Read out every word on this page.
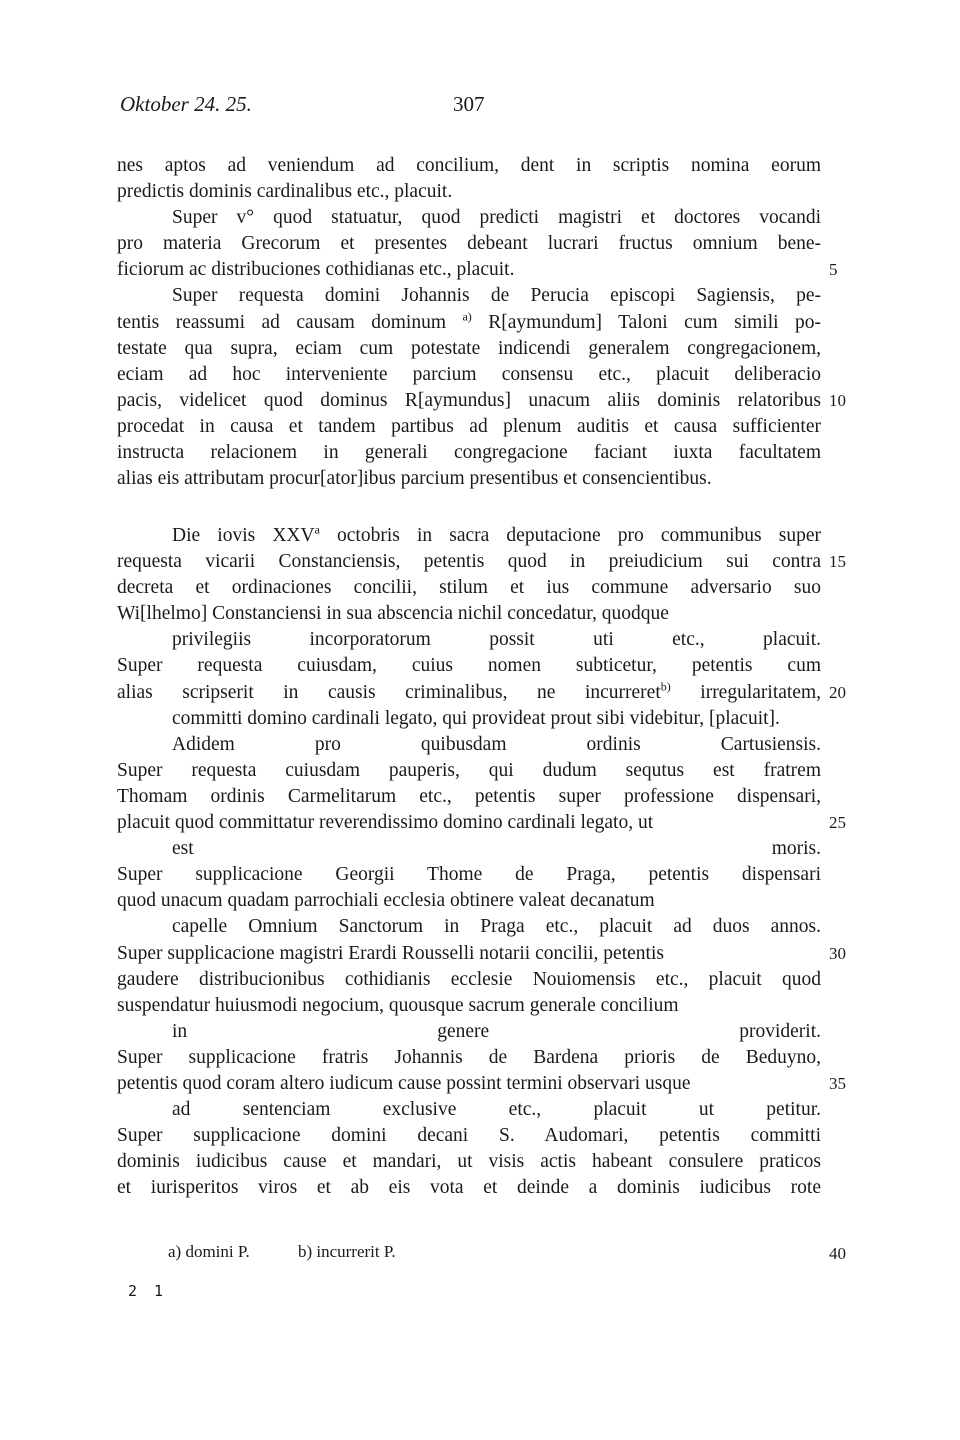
Oktober 24. 25.	307
nes aptos ad veniendum ad concilium, dent in scriptis nomina eorum
predictis dominis cardinalibus etc., placuit.
Super v° quod statuatur, quod predicti magistri et doctores vocandi
pro materia Grecorum et presentes debeant lucrari fructus omnium bene-
ficiorum ac distribuciones cothidianas etc., placuit.	5
Super requesta domini Johannis de Perucia episcopi Sagiensis, pe-
tentis reassumi ad causam dominum $^{a)}$ R[aymundum] Taloni cum simili po-
testate qua supra, eciam cum potestate indicendi generalem congregacionem,
eciam ad hoc interveniente parcium consensu etc., placuit deliberacio
pacis, videlicet quod dominus R[aymundus] unacum aliis dominis relatoribus 10
procedat in causa et tandem partibus ad plenum auditis et causa sufficienter
instructa relacionem in generali congregacione faciant iuxta facultatem
alias eis attributam procur[ator]ibus parcium presentibus et consencientibus.
Die iovis XXV$^a$ octobris in sacra deputacione pro communibus super
requesta vicarii Constanciensis, petentis quod in preiudicium sui contra 15
decreta et ordinaciones concilii, stilum et ius commune adversario suo
Wi[lhelmo] Constanciensi in sua abscencia nichil concedatur, quodque
privilegiis incorporatorum possit uti etc., placuit.
Super requesta cuiusdam, cuius nomen subticetur, petentis cum
alias scripserit in causis criminalibus, ne incurreret$^{b)}$ irregularitatem, 20
committi domino cardinali legato, qui provideat prout sibi videbitur, [placuit].
Adidem pro quibusdam ordinis Cartusiensis.
Super requesta cuiusdam pauperis, qui dudum sequtus est fratrem
Thomam ordinis Carmelitarum etc., petentis super professione dispensari,
placuit quod committatur reverendissimo domino cardinali legato, ut	25
est moris.
Super supplicacione Georgii Thome de Praga, petentis dispensari
quod unacum quadam parrochiali ecclesia obtinere valeat decanatum
capelle Omnium Sanctorum in Praga etc., placuit ad duos annos.
Super supplicacione magistri Erardi Rousselli notarii concilii, petentis	30
gaudere distribucionibus cothidianis ecclesie Nouiomensis etc., placuit quod
suspendatur huiusmodi negocium, quousque sacrum generale concilium
in genere providerit.
Super supplicacione fratris Johannis de Bardena prioris de Beduyno,
petentis quod coram altero iudicum cause possint termini observari usque	35
ad sentenciam exclusive etc., placuit ut petitur.
Super supplicacione domini decani S. Audomari, petentis committi
dominis iudicibus cause et mandari, ut visis actis habeant consulere praticos
et iurisperitos viros et ab eis vota et deinde a dominis iudicibus rote
a) domini P.	b) incurrerit P.	40
2 1
